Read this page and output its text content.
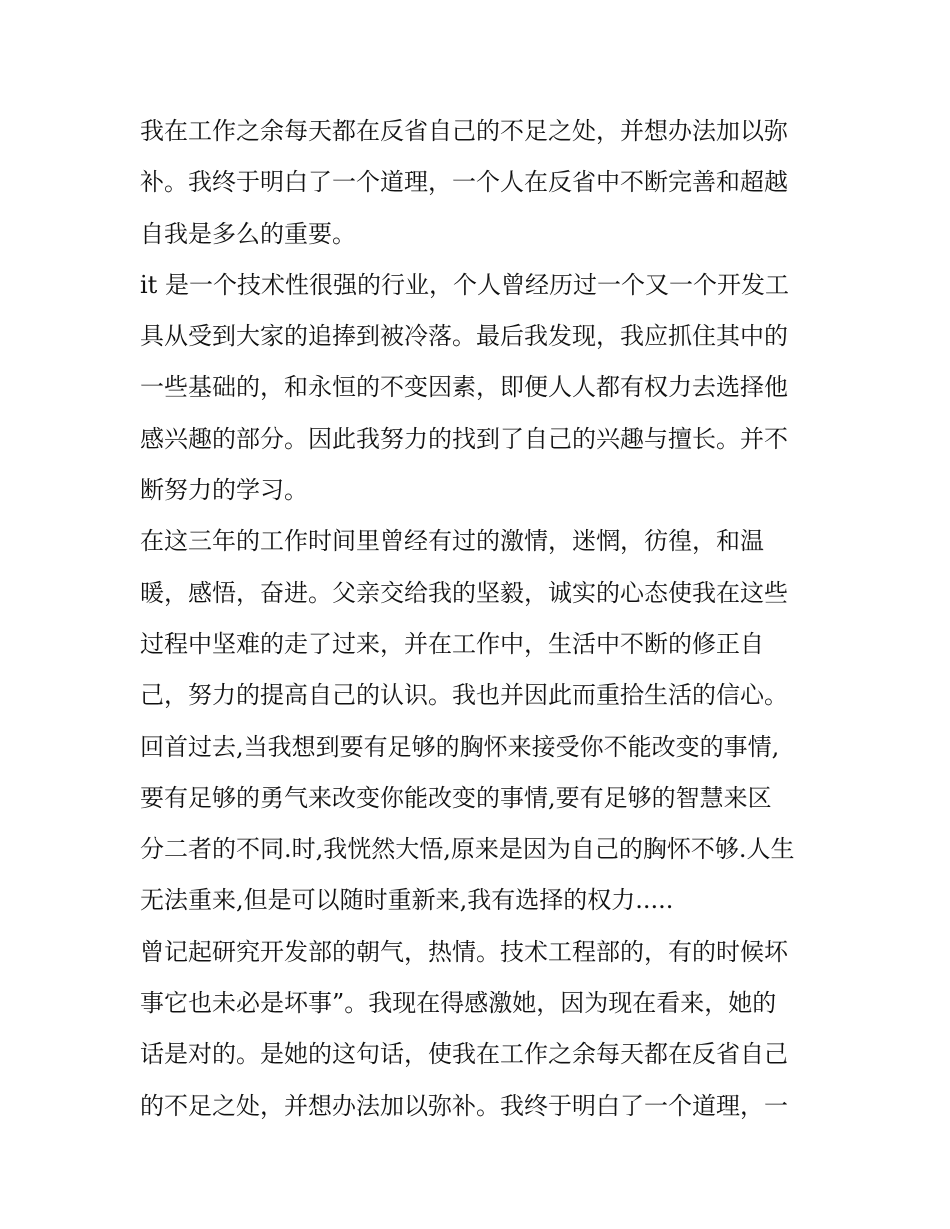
我在工作之余每天都在反省自己的不足之处，并想办法加以弥
补。我终于明白了一个道理，一个人在反省中不断完善和超越
自我是多么的重要。
it 是一个技术性很强的行业，个人曾经历过一个又一个开发工
具从受到大家的追捧到被冷落。最后我发现，我应抓住其中的
一些基础的，和永恒的不变因素，即便人人都有权力去选择他
感兴趣的部分。因此我努力的找到了自己的兴趣与擅长。并不
断努力的学习。
在这三年的工作时间里曾经有过的激情，迷惘，彷徨，和温
暖，感悟，奋进。父亲交给我的坚毅，诚实的心态使我在这些
过程中坚难的走了过来，并在工作中，生活中不断的修正自
己，努力的提高自己的认识。我也并因此而重拾生活的信心。
回首过去,当我想到要有足够的胸怀来接受你不能改变的事情,
要有足够的勇气来改变你能改变的事情,要有足够的智慧来区
分二者的不同.时,我恍然大悟,原来是因为自己的胸怀不够.人生
无法重来,但是可以随时重新来,我有选择的权力.....
曾记起研究开发部的朝气，热情。技术工程部的，有的时候坏
事它也未必是坏事”。我现在得感激她，因为现在看来，她的
话是对的。是她的这句话，使我在工作之余每天都在反省自己
的不足之处，并想办法加以弥补。我终于明白了一个道理，一
